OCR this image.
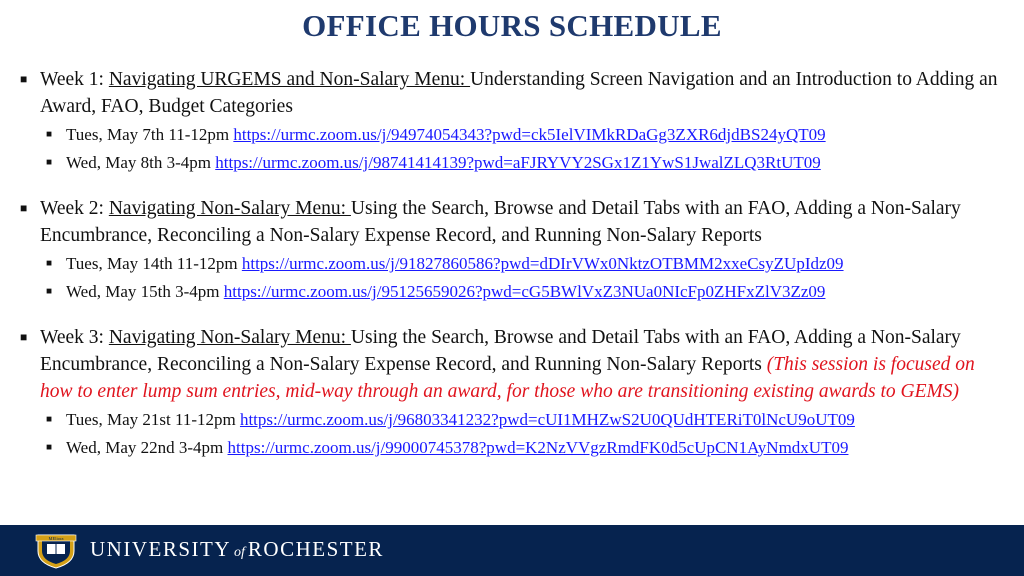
OFFICE HOURS SCHEDULE
■ Week 1: Navigating URGEMS and Non-Salary Menu: Understanding Screen Navigation and an Introduction to Adding an Award, FAO, Budget Categories
■ Tues, May 7th 11-12pm https://urmc.zoom.us/j/94974054343?pwd=ck5IelVIMkRDaGg3ZXR6djdBS24yQT09
■ Wed, May 8th 3-4pm https://urmc.zoom.us/j/98741414139?pwd=aFJRYVY2SGx1Z1YwS1JwalZLQ3RtUT09
■ Week 2: Navigating Non-Salary Menu: Using the Search, Browse and Detail Tabs with an FAO, Adding a Non-Salary Encumbrance, Reconciling a Non-Salary Expense Record, and Running Non-Salary Reports
■ Tues, May 14th 11-12pm https://urmc.zoom.us/j/91827860586?pwd=dDIrVWx0NktzOTBMM2xxeCsyZUpIdz09
■ Wed, May 15th 3-4pm https://urmc.zoom.us/j/95125659026?pwd=cG5BWlVxZ3NUa0NIcFp0ZHFxZlV3Zz09
■ Week 3: Navigating Non-Salary Menu: Using the Search, Browse and Detail Tabs with an FAO, Adding a Non-Salary Encumbrance, Reconciling a Non-Salary Expense Record, and Running Non-Salary Reports (This session is focused on how to enter lump sum entries, mid-way through an award, for those who are transitioning existing awards to GEMS)
■ Tues, May 21st 11-12pm https://urmc.zoom.us/j/96803341232?pwd=cUI1MHZwS2U0QUdHTERiT0lNcU9oUT09
■ Wed, May 22nd 3-4pm https://urmc.zoom.us/j/99000745378?pwd=K2NzVVgzRmdFK0d5cUpCN1AyNmdxUT09
MEliora UNIVERSITY of ROCHESTER
